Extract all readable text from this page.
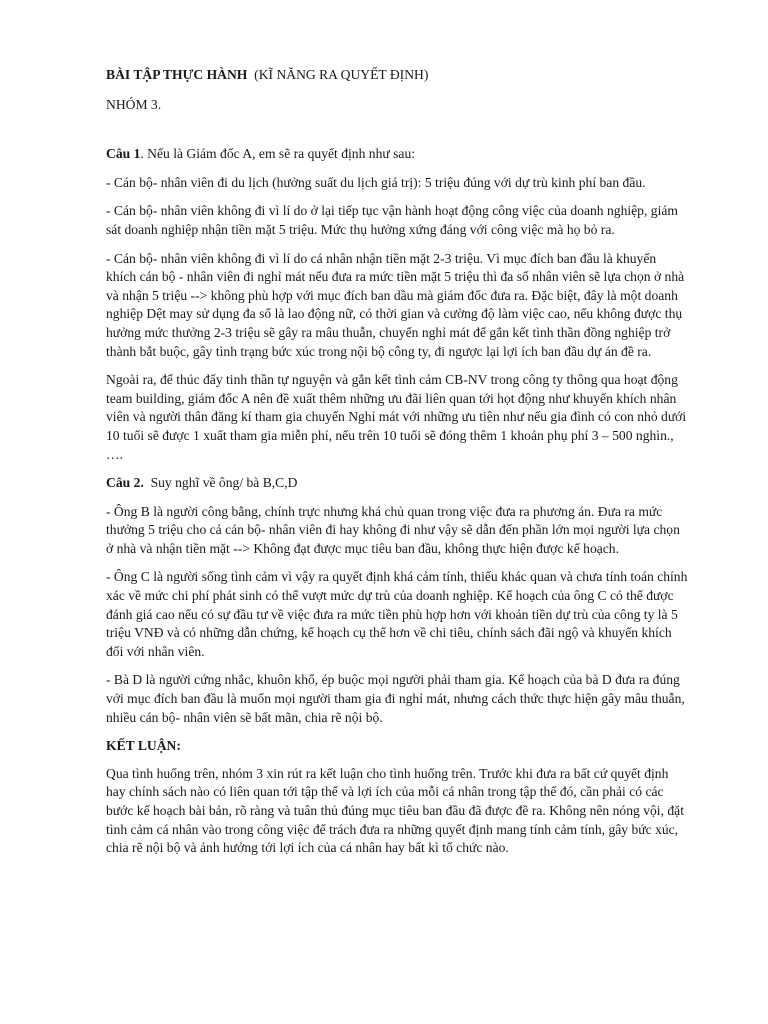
BÀI TẬP THỰC HÀNH (KĨ NĂNG RA QUYẾT ĐỊNH)

NHÓM 3.

Câu 1. Nếu là Giám đốc A, em sẽ ra quyết định như sau:

- Cán bộ- nhân viên đi du lịch (hưởng suất du lịch giá trị): 5 triệu đúng với dự trù kinh phí ban đầu.

- Cán bộ- nhân viên không đi vì lí do ở lại tiếp tục vận hành hoạt động công việc của doanh nghiệp, giám sát doanh nghiệp nhận tiền mặt 5 triệu. Mức thụ hưởng xứng đáng với công việc mà họ bỏ ra.

- Cán bộ- nhân viên không đi vì lí do cá nhân nhận tiền mặt 2-3 triệu. Vì mục đích ban đầu là khuyến khích cán bộ - nhân viên đi nghỉ mát nếu đưa ra mức tiền mặt 5 triệu thì đa số nhân viên sẽ lựa chọn ở nhà và nhận 5 triệu --> không phù hợp với mục đích ban dầu mà giám đốc đưa ra. Đặc biệt, đây là một doanh nghiệp Dệt may sử dụng đa số là lao động nữ, có thời gian và cường độ làm việc cao, nếu không được thụ hưởng mức thưởng 2-3 triệu sẽ gây ra mâu thuẫn, chuyến nghỉ mát để gắn kết tình thần đồng nghiệp trở thành bắt buộc, gây tình trạng bức xúc trong nội bộ công ty, đi ngược lại lợi ích ban đầu dự án đề ra.

Ngoài ra, để thúc đẩy tinh thần tự nguyện và gắn kết tình cảm CB-NV trong công ty thông qua hoạt động team building, giám đốc A nên đề xuất thêm những ưu đãi liên quan tới họt động như khuyến khích nhân viên và người thân đăng kí tham gia chuyến Nghỉ mát với những ưu tiên như nếu gia đình có con nhỏ dưới 10 tuổi sẽ được 1 xuất tham gia miễn phí, nếu trên 10 tuổi sẽ đóng thêm 1 khoản phụ phí 3 – 500 nghìn., ….

Câu 2.  Suy nghĩ về ông/ bà B,C,D

- Ông B là người công bằng, chính trực nhưng khá chủ quan trong việc đưa ra phương án. Đưa ra mức thưởng 5 triệu cho cả cán bộ- nhân viên đi hay không đi như vậy sẽ dẫn đến phần lớn mọi người lựa chọn ở nhà và nhận tiền mặt --> Không đạt được mục tiêu ban đầu, không thực hiện được kế hoạch.

- Ông C là người sống tình cảm vì vậy ra quyết định khá cảm tính, thiếu khác quan và chưa tính toán chính xác về mức chi phí phát sinh có thể vượt mức dự trù của doanh nghiệp. Kế hoạch của ông C có thể được đánh giá cao nếu có sự đầu tư về việc đưa ra mức tiền phù hợp hơn với khoản tiền dự trù của công ty là 5 triệu VNĐ và có những dẫn chứng, kế hoạch cụ thể hơn về chi tiêu, chính sách đãi ngộ và khuyến khích đối với nhân viên.

- Bà D là người cứng nhắc, khuôn khổ, ép buộc mọi người phải tham gia. Kế hoạch của bà D đưa ra đúng với mục đích ban đầu là muốn mọi người tham gia đi nghỉ mát, nhưng cách thức thực hiện gây mâu thuẫn, nhiều cán bộ- nhân viên sẽ bất mãn, chia rẽ nội bộ.

KẾT LUẬN:

Qua tình huống trên, nhóm 3 xin rút ra kết luận cho tình huống trên. Trước khi đưa ra bất cứ quyết định hay chính sách nào có liên quan tới tập thể và lợi ích của mỗi cá nhân trong tập thể đó, cần phải có các bước kế hoạch bài bản, rõ ràng và tuân thủ đúng mục tiêu ban đầu đã được đề ra. Không nên nóng vội, đặt tình cảm cá nhân vào trong công việc để trách đưa ra những quyết định mang tính cảm tính, gây bức xúc, chia rẽ nội bộ và ảnh hưởng tới lợi ích của cá nhân hay bất kì tổ chức nào.
